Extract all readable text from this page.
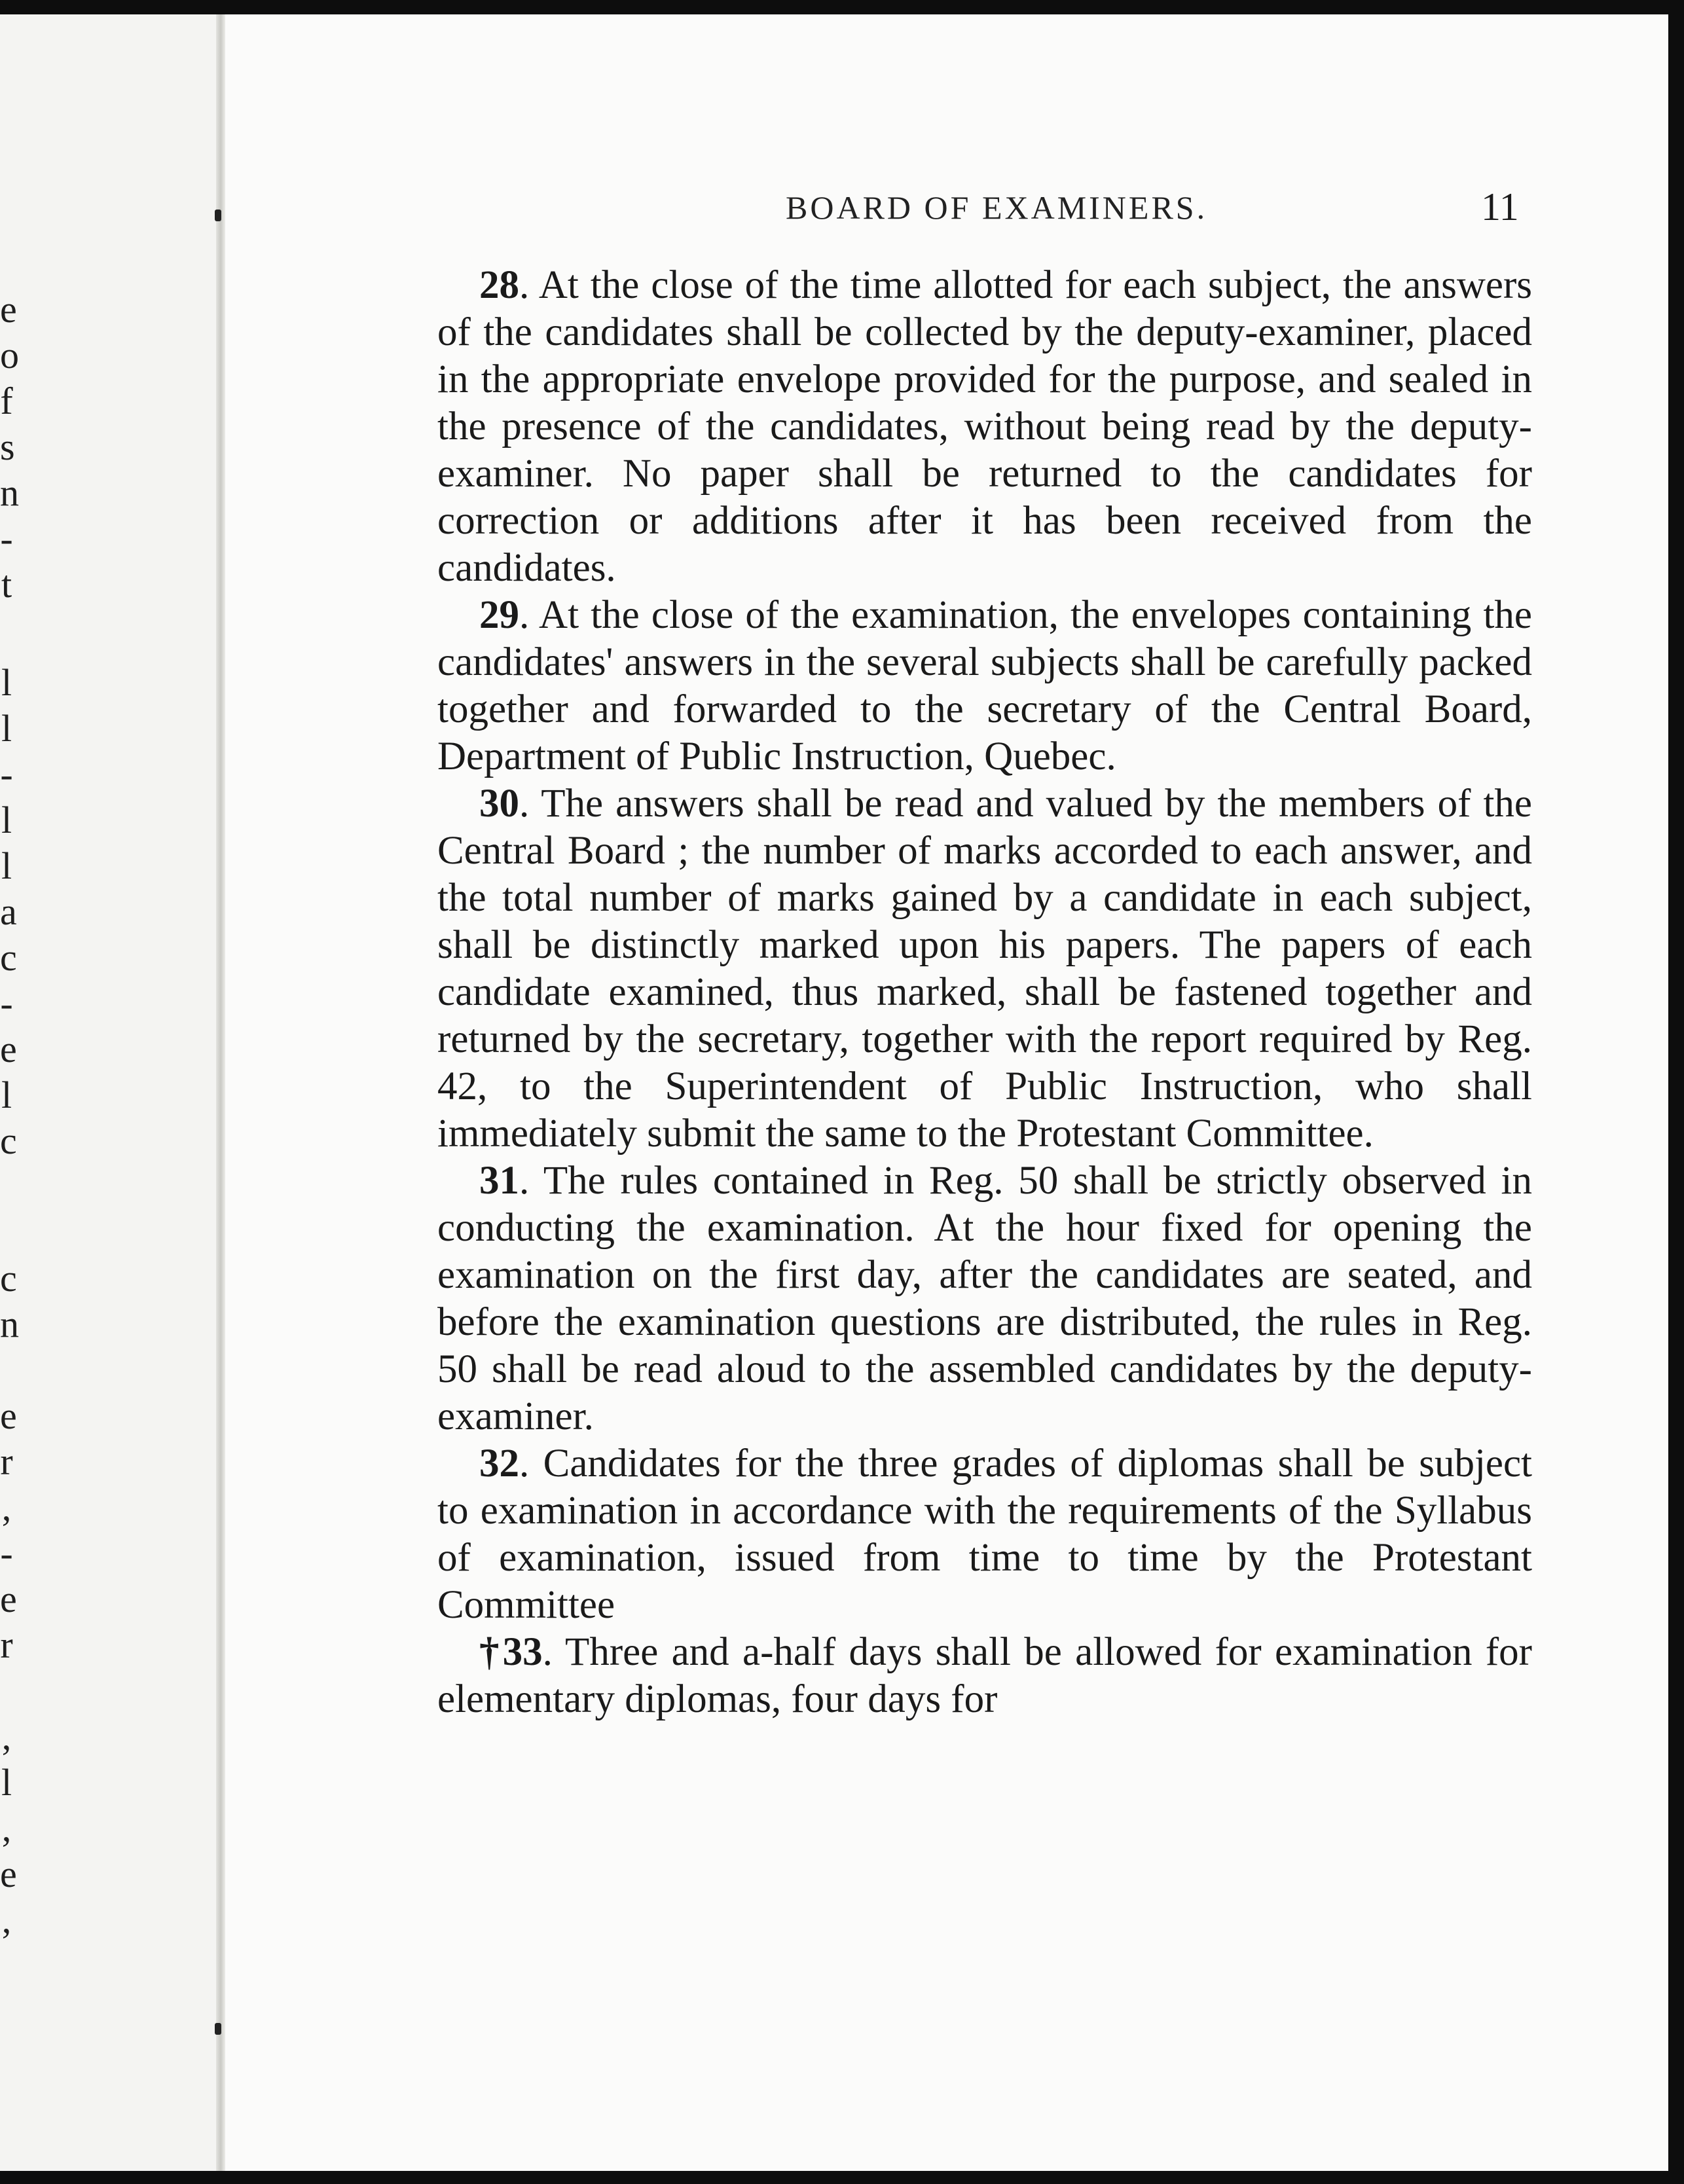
e
o
f
s
n
-
t
l
l
-
l
l
a
c
-
e
l
c
c
n
e
r
,
-
e
r
,
l
,
e
,
BOARD OF EXAMINERS.	11

28. At the close of the time allotted for each subject, the answers of the candidates shall be collected by the deputy-examiner, placed in the appropriate envelope provided for the purpose, and sealed in the presence of the candidates, without being read by the deputy-examiner. No paper shall be returned to the candidates for correction or additions after it has been received from the candidates.

29. At the close of the examination, the envelopes containing the candidates' answers in the several subjects shall be carefully packed together and forwarded to the secretary of the Central Board, Department of Public Instruction, Quebec.

30. The answers shall be read and valued by the members of the Central Board ; the number of marks accorded to each answer, and the total number of marks gained by a candidate in each subject, shall be distinctly marked upon his papers. The papers of each candidate examined, thus marked, shall be fastened together and returned by the secretary, together with the report required by Reg. 42, to the Superintendent of Public Instruction, who shall immediately submit the same to the Protestant Committee.

31. The rules contained in Reg. 50 shall be strictly observed in conducting the examination. At the hour fixed for opening the examination on the first day, after the candidates are seated, and before the examination questions are distributed, the rules in Reg. 50 shall be read aloud to the assembled candidates by the deputy-examiner.

32. Candidates for the three grades of diplomas shall be subject to examination in accordance with the requirements of the Syllabus of examination, issued from time to time by the Protestant Committee

†33. Three and a-half days shall be allowed for examination for elementary diplomas, four days for
